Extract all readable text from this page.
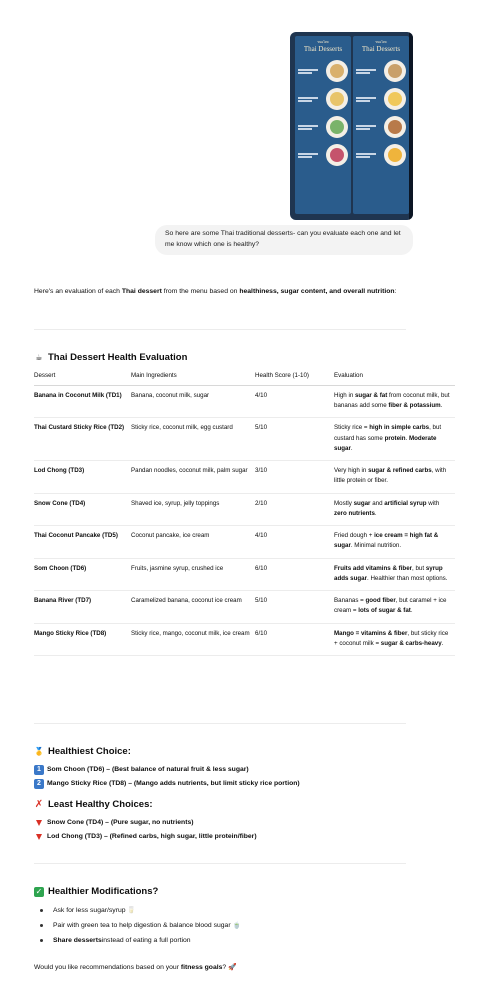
ขนมไทย
Thai Desserts
ขนมไทย
Thai Desserts
So here are some Thai traditional desserts- can you evaluate each one and let me know which one is healthy?
Here's an evaluation of each Thai dessert from the menu based on healthiness, sugar content, and overall nutrition:
☕ Thai Dessert Health Evaluation
Dessert	Main Ingredients	Health Score (1-10)	Evaluation
Banana in Coconut Milk (TD1)	Banana, coconut milk, sugar	4/10	High in sugar & fat from coconut milk, but bananas add some fiber & potassium.
Thai Custard Sticky Rice (TD2)	Sticky rice, coconut milk, egg custard	5/10	Sticky rice = high in simple carbs, but custard has some protein. Moderate sugar.
Lod Chong (TD3)	Pandan noodles, coconut milk, palm sugar	3/10	Very high in sugar & refined carbs, with little protein or fiber.
Snow Cone (TD4)	Shaved ice, syrup, jelly toppings	2/10	Mostly sugar and artificial syrup with zero nutrients.
Thai Coconut Pancake (TD5)	Coconut pancake, ice cream	4/10	Fried dough + ice cream = high fat & sugar. Minimal nutrition.
Som Choon (TD6)	Fruits, jasmine syrup, crushed ice	6/10	Fruits add vitamins & fiber, but syrup adds sugar. Healthier than most options.
Banana River (TD7)	Caramelized banana, coconut ice cream	5/10	Bananas = good fiber, but caramel + ice cream = lots of sugar & fat.
Mango Sticky Rice (TD8)	Sticky rice, mango, coconut milk, ice cream	6/10	Mango = vitamins & fiber, but sticky rice + coconut milk = sugar & carbs-heavy.
🥇 Healthiest Choice:
1 Som Choon (TD6) – (Best balance of natural fruit & less sugar)
2 Mango Sticky Rice (TD8) – (Mango adds nutrients, but limit sticky rice portion)
✗ Least Healthy Choices:
Snow Cone (TD4) – (Pure sugar, no nutrients)
Lod Chong (TD3) – (Refined carbs, high sugar, little protein/fiber)
✓ Healthier Modifications?
Ask for less sugar/syrup
🥛
Pair with green tea to help digestion & balance blood sugar
🍵
Share desserts instead of eating a full portion
Would you like recommendations based on your fitness goals? 🚀
